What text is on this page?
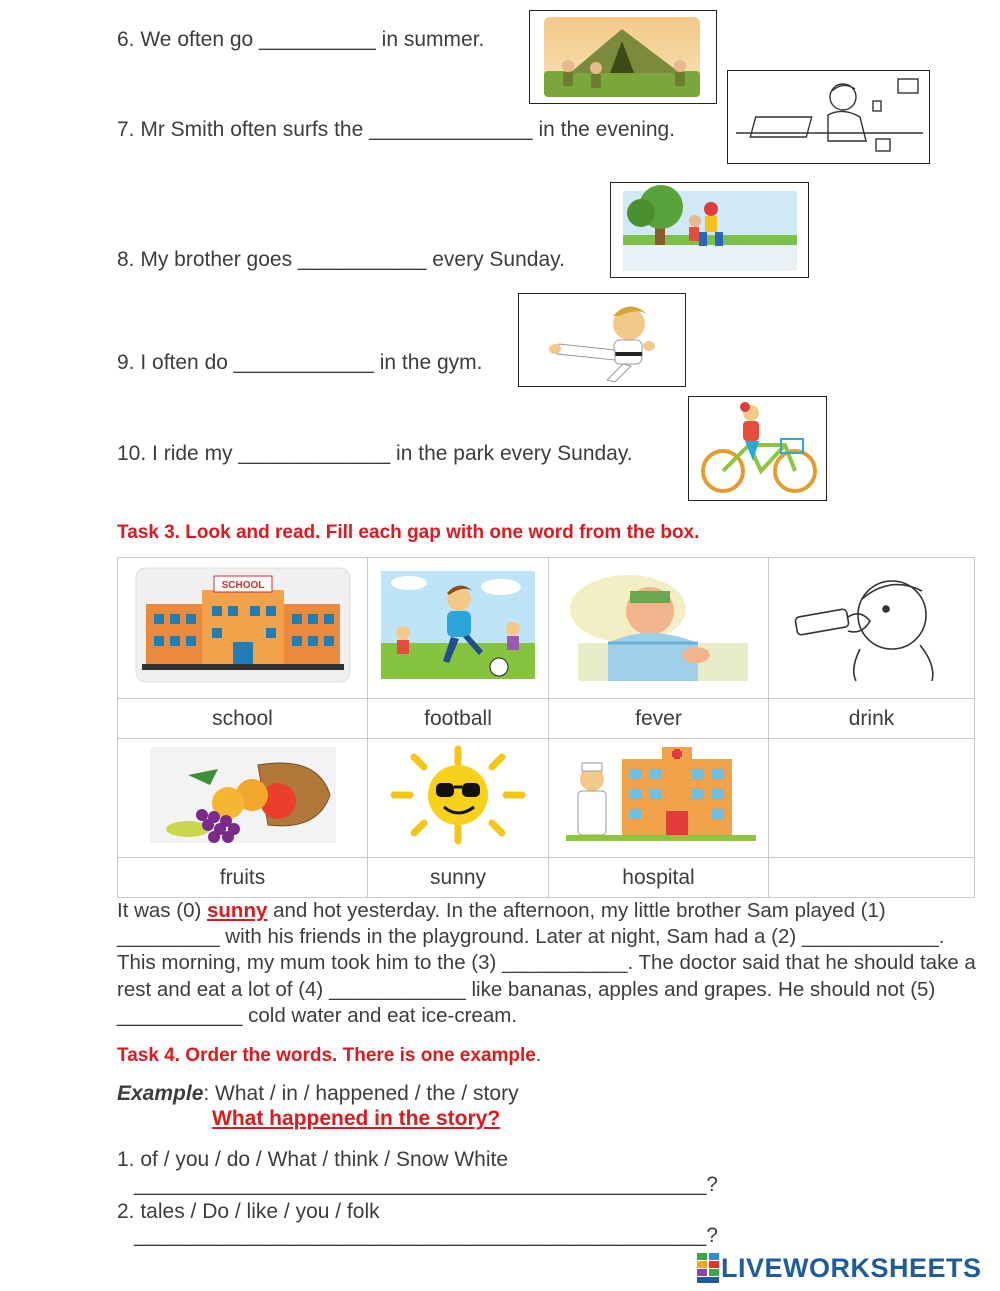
6. We often go __________ in summer.
7. Mr Smith often surfs the ______________ in the evening.
8. My brother goes ___________ every Sunday.
9. I often do ____________ in the gym.
10. I ride my _____________ in the park every Sunday.
Task 3. Look and read. Fill each gap with one word from the box.
SCHOOL

school	football	fever	drink

fruits	sunny	hospital	
It was (0) sunny and hot yesterday. In the afternoon, my little brother Sam played (1) _________ with his friends in the playground. Later at night, Sam had a (2) ____________. This morning, my mum took him to the (3) ___________. The doctor said that he should take a rest and eat a lot of (4) ____________ like bananas, apples and grapes. He should not (5) ___________ cold water and eat ice-cream.
Task 4. Order the words. There is one example.
Example: What / in / happened / the / story
What happened in the story?
1. of / you / do / What / think / Snow White
_________________________________________________?
2. tales / Do / like / you / folk
_________________________________________________?
LIVEWORKSHEETS
